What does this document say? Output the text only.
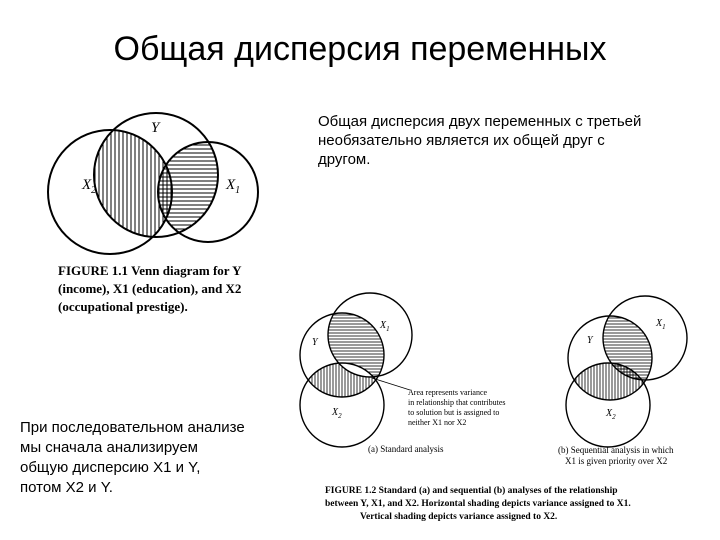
Общая дисперсия переменных
Общая дисперсия двух переменных с третьей необязательно является их общей друг с другом.
При последовательном анализе
мы сначала анализируем
общую дисперсию X1 и Y,
потом X2 и Y.
Y
$X_2$	$X_1$
FIGURE 1.1 Venn diagram for Y
(income), X1 (education), and X2
(occupational prestige).
$X_1$
Y
$X_2$
Area represents variance
in relationship that contributes
to solution but is assigned to
neither X1 nor X2
(a) Standard analysis
$X_1$
Y
$X_2$
(b) Sequential analysis in which
X1 is given priority over X2
FIGURE 1.2 Standard (a) and sequential (b) analyses of the relationship
between Y, X1, and X2. Horizontal shading depicts variance assigned to X1.
Vertical shading depicts variance assigned to X2.
